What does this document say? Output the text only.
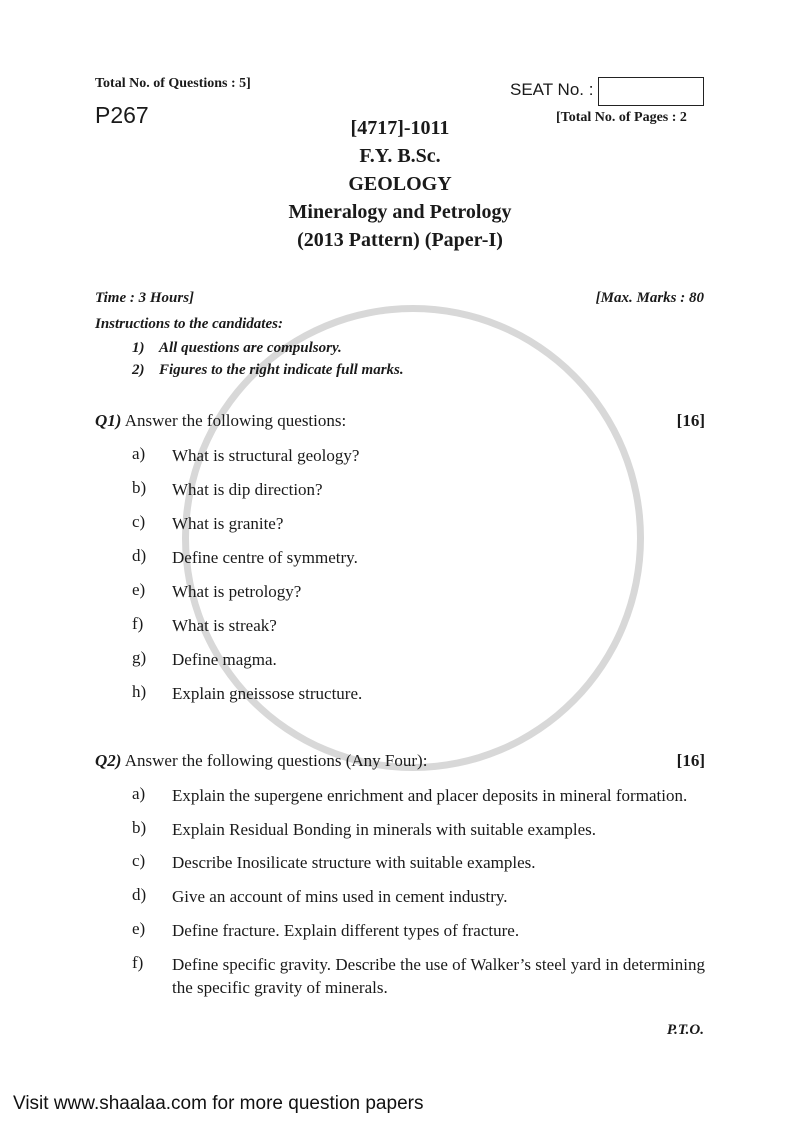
Total No. of Questions : 5]
P267
SEAT No. :
[Total No. of Pages : 2
[4717]-1011
F.Y. B.Sc.
GEOLOGY
Mineralogy and Petrology
(2013 Pattern) (Paper-I)
Time : 3 Hours]	[Max. Marks : 80
Instructions to the candidates:
1) All questions are compulsory.
2) Figures to the right indicate full marks.
Q1) Answer the following questions:	[16]
a) What is structural geology?
b) What is dip direction?
c) What is granite?
d) Define centre of symmetry.
e) What is petrology?
f) What is streak?
g) Define magma.
h) Explain gneissose structure.
Q2) Answer the following questions (Any Four):	[16]
a) Explain the supergene enrichment and placer deposits in mineral formation.
b) Explain Residual Bonding in minerals with suitable examples.
c) Describe Inosilicate structure with suitable examples.
d) Give an account of mins used in cement industry.
e) Define fracture. Explain different types of fracture.
f) Define specific gravity. Describe the use of Walker’s steel yard in determining the specific gravity of minerals.
P.T.O.
Visit www.shaalaa.com for more question papers
